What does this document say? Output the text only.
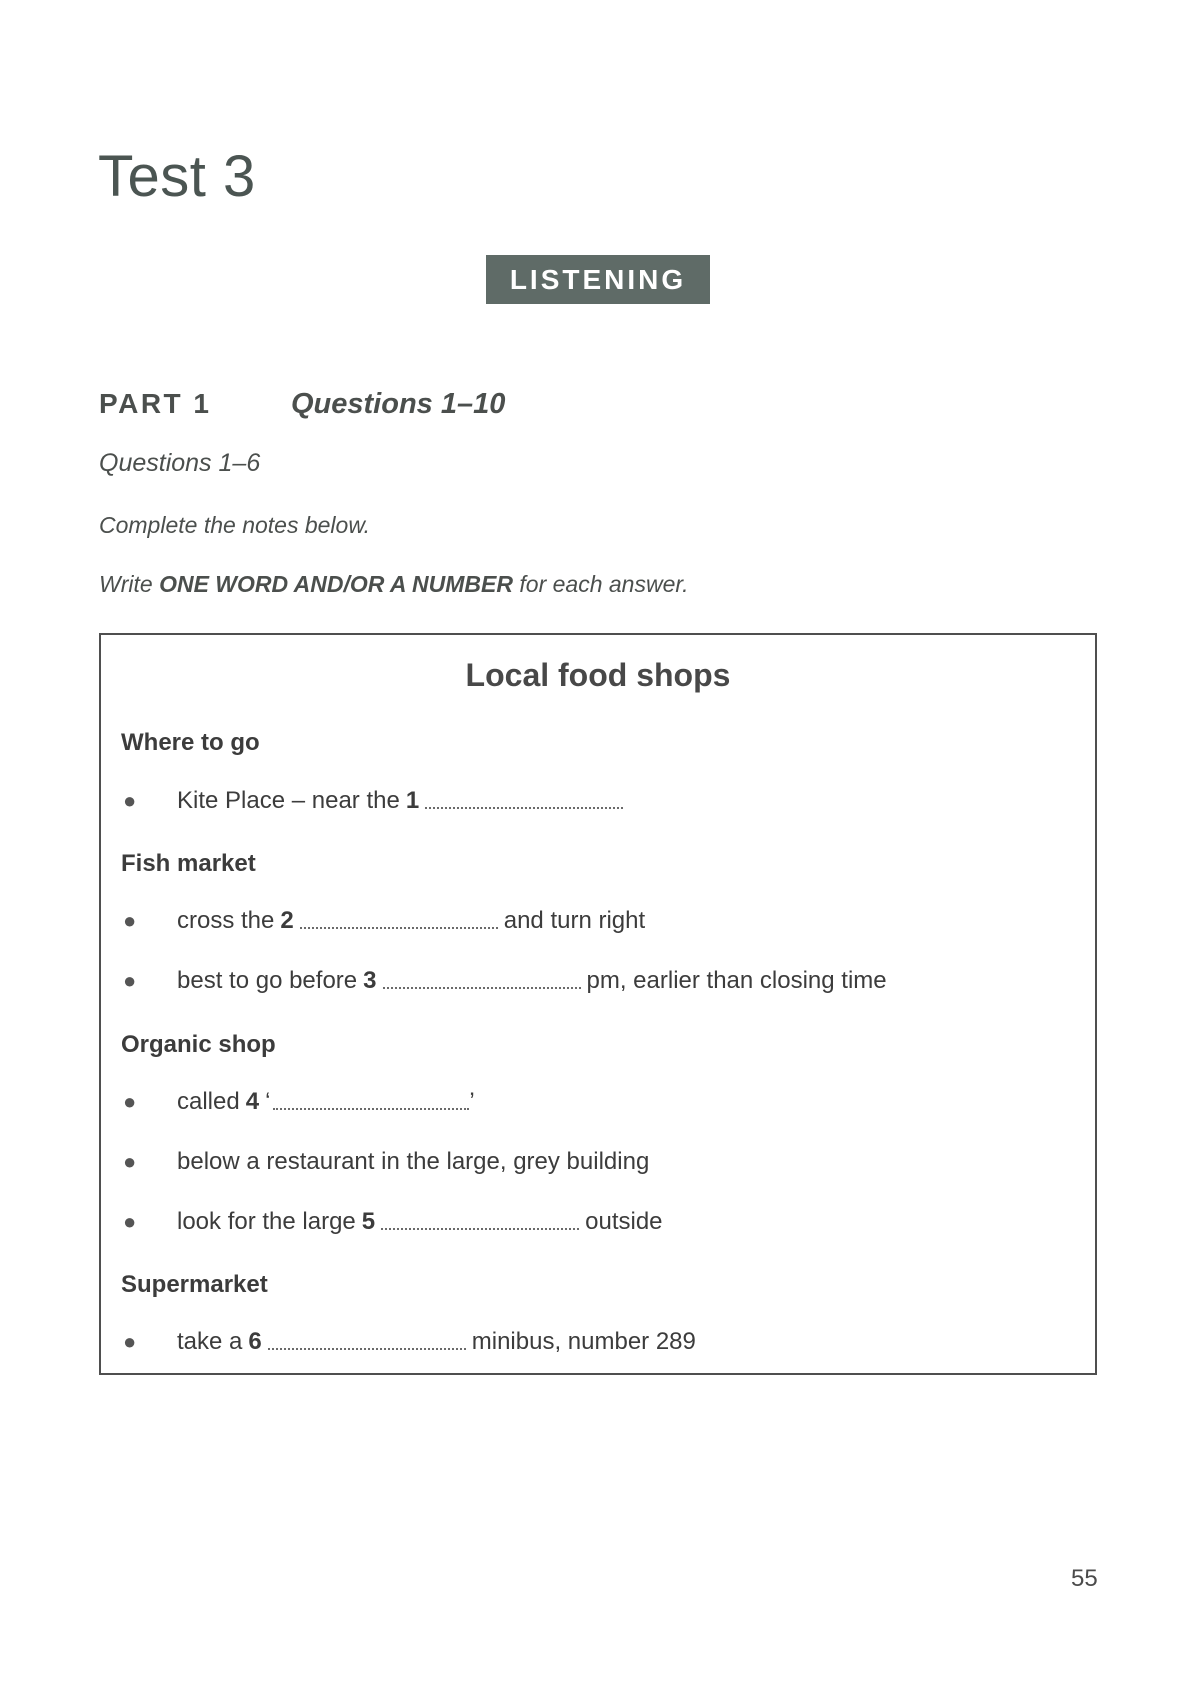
Test 3
LISTENING
PART 1	Questions 1–10
Questions 1–6
Complete the notes below.
Write ONE WORD AND/OR A NUMBER for each answer.
Local food shops
Where to go
●	Kite Place – near the 1
Fish market
●	cross the 2	and turn right
●	best to go before 3	pm, earlier than closing time
Organic shop
●	called 4 ‘	’
●	below a restaurant in the large, grey building
●	look for the large 5	outside
Supermarket
●	take a 6	minibus, number 289
55
